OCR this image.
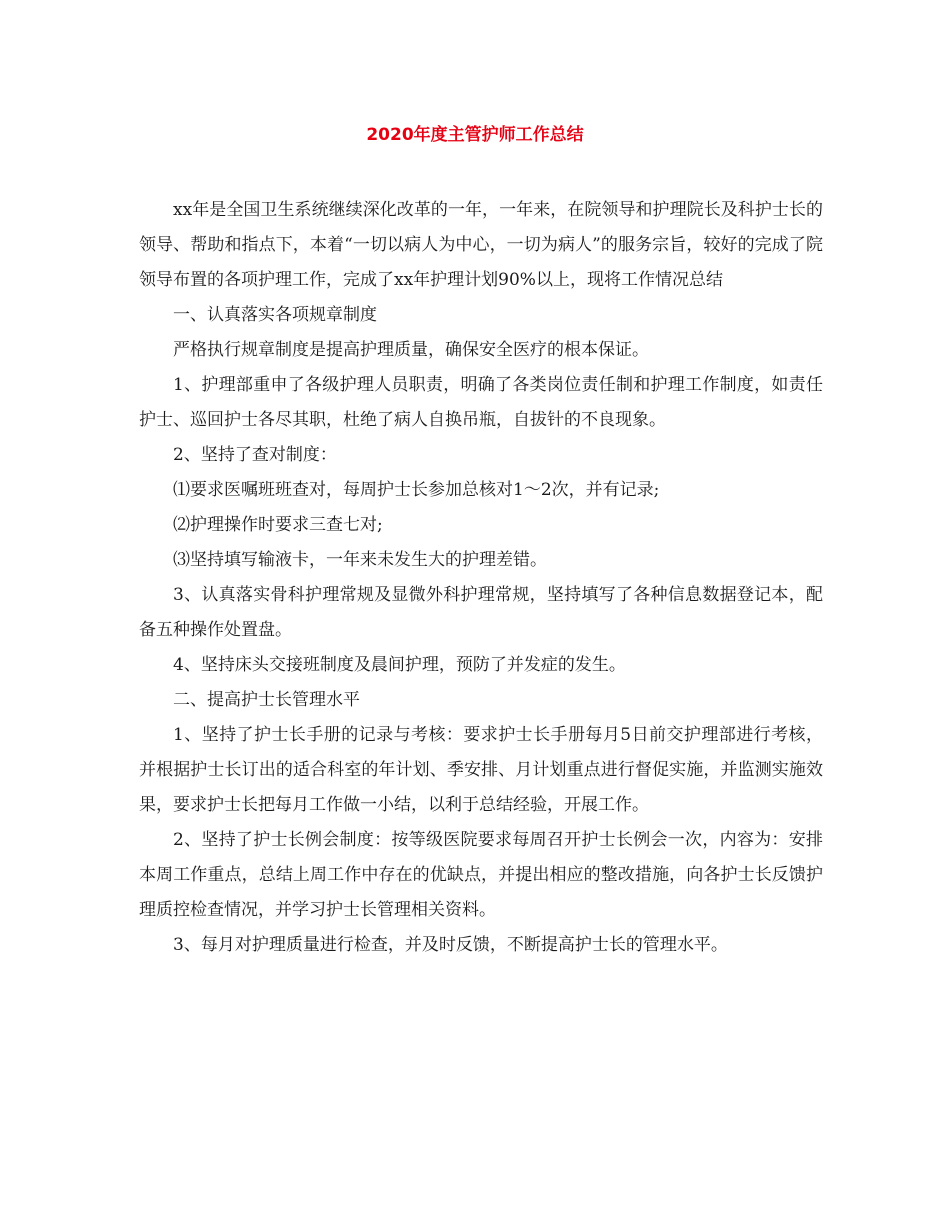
2020年度主管护师工作总结

xx年是全国卫生系统继续深化改革的一年，一年来，在院领导和护理院长及科护士长的领导、帮助和指点下，本着“一切以病人为中心，一切为病人”的服务宗旨，较好的完成了院领导布置的各项护理工作，完成了xx年护理计划90%以上，现将工作情况总结

一、认真落实各项规章制度

严格执行规章制度是提高护理质量，确保安全医疗的根本保证。

1、护理部重申了各级护理人员职责，明确了各类岗位责任制和护理工作制度，如责任护士、巡回护士各尽其职，杜绝了病人自换吊瓶，自拔针的不良现象。

2、坚持了查对制度：

⑴要求医嘱班班查对，每周护士长参加总核对1～2次，并有记录;

⑵护理操作时要求三查七对;

⑶坚持填写输液卡，一年来未发生大的护理差错。

3、认真落实骨科护理常规及显微外科护理常规，坚持填写了各种信息数据登记本，配备五种操作处置盘。

4、坚持床头交接班制度及晨间护理，预防了并发症的发生。

二、提高护士长管理水平

1、坚持了护士长手册的记录与考核：要求护士长手册每月5日前交护理部进行考核，并根据护士长订出的适合科室的年计划、季安排、月计划重点进行督促实施，并监测实施效果，要求护士长把每月工作做一小结，以利于总结经验，开展工作。

2、坚持了护士长例会制度：按等级医院要求每周召开护士长例会一次，内容为：安排本周工作重点，总结上周工作中存在的优缺点，并提出相应的整改措施，向各护士长反馈护理质控检查情况，并学习护士长管理相关资料。

3、每月对护理质量进行检查，并及时反馈，不断提高护士长的管理水平。
